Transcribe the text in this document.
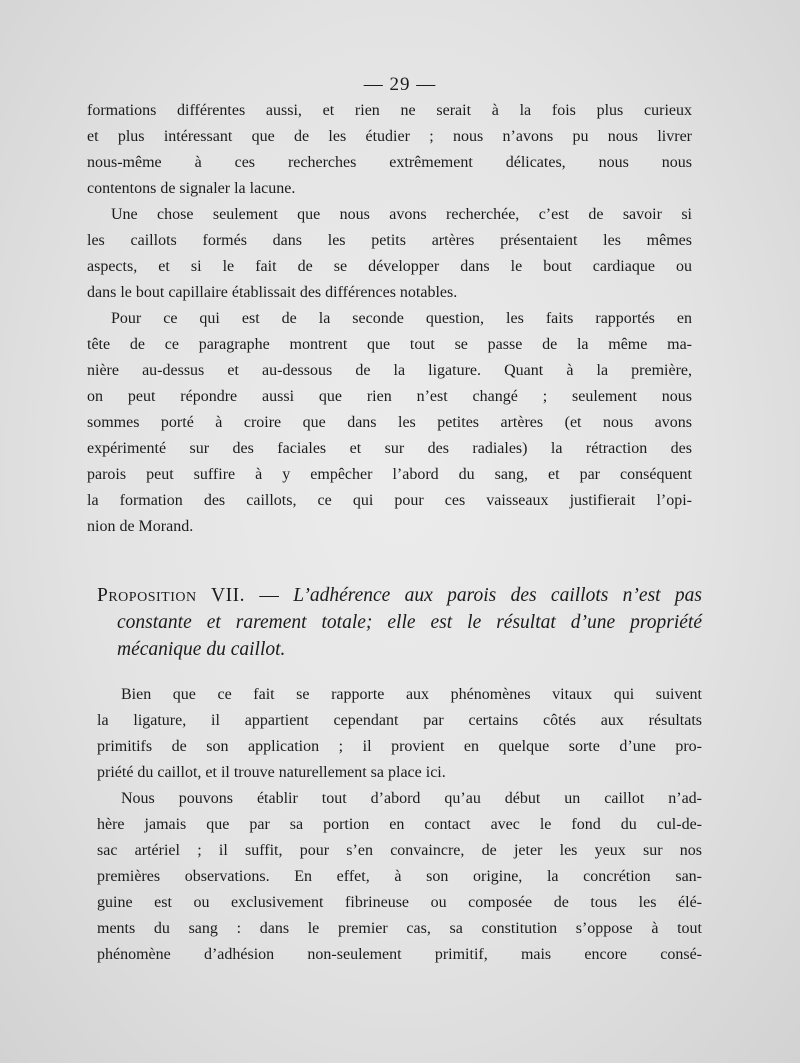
— 29 —
formations différentes aussi, et rien ne serait à la fois plus curieux
et plus intéressant que de les étudier ; nous n’avons pu nous livrer
nous-même à ces recherches extrêmement délicates, nous nous
contentons de signaler la lacune.
Une chose seulement que nous avons recherchée, c’est de savoir si
les caillots formés dans les petits artères présentaient les mêmes
aspects, et si le fait de se développer dans le bout cardiaque ou
dans le bout capillaire établissait des différences notables.
Pour ce qui est de la seconde question, les faits rapportés en
tête de ce paragraphe montrent que tout se passe de la même ma-
nière au-dessus et au-dessous de la ligature. Quant à la première,
on peut répondre aussi que rien n’est changé ; seulement nous
sommes porté à croire que dans les petites artères (et nous avons
expérimenté sur des faciales et sur des radiales) la rétraction des
parois peut suffire à y empêcher l’abord du sang, et par conséquent
la formation des caillots, ce qui pour ces vaisseaux justifierait l’opi-
nion de Morand.
Proposition VII. — L’adhérence aux parois des caillots n’est pas
constante et rarement totale; elle est le résultat d’une propriété
mécanique du caillot.
Bien que ce fait se rapporte aux phénomènes vitaux qui suivent
la ligature, il appartient cependant par certains côtés aux résultats
primitifs de son application ; il provient en quelque sorte d’une pro-
priété du caillot, et il trouve naturellement sa place ici.
Nous pouvons établir tout d’abord qu’au début un caillot n’ad-
hère jamais que par sa portion en contact avec le fond du cul-de-
sac artériel ; il suffit, pour s’en convaincre, de jeter les yeux sur nos
premières observations. En effet, à son origine, la concrétion san-
guine est ou exclusivement fibrineuse ou composée de tous les élé-
ments du sang : dans le premier cas, sa constitution s’oppose à tout
phénomène d’adhésion non-seulement primitif, mais encore consé-
